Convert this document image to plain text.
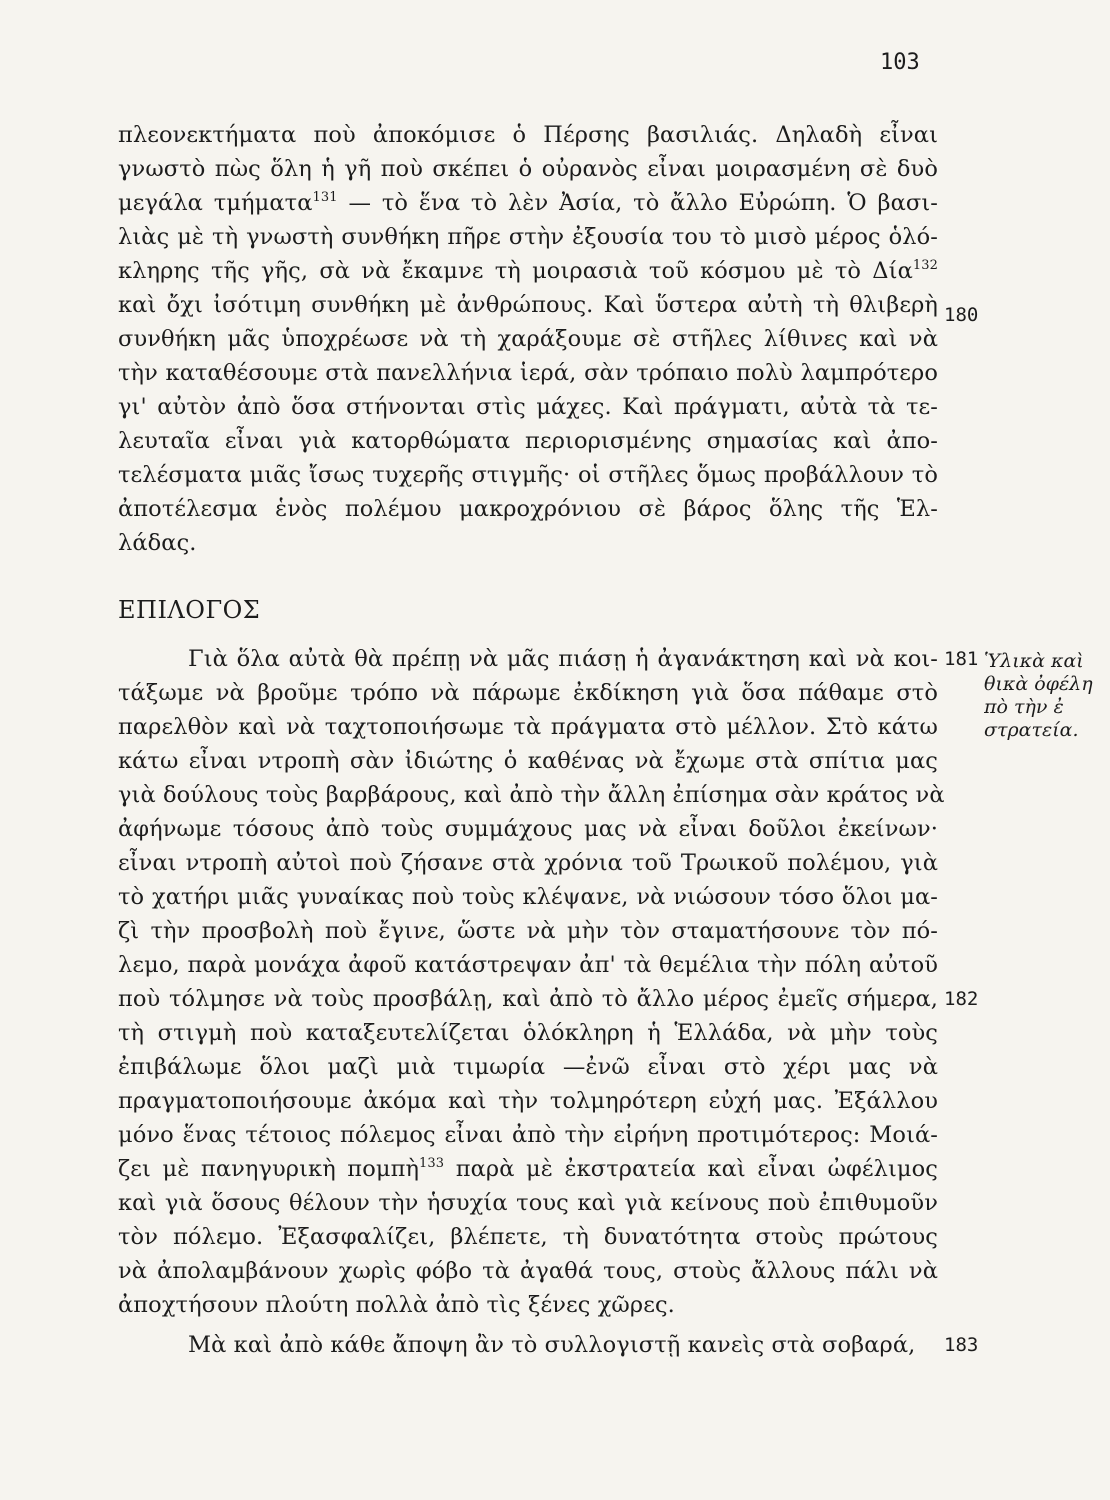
103
πλεονεκτήματα ποὺ ἀποκόμισε ὁ Πέρσης βασιλιάς. Δηλαδὴ εἶναι
γνωστὸ πὼς ὅλη ἡ γῆ ποὺ σκέπει ὁ οὐρανὸς εἶναι μοιρασμένη σὲ δυὸ
μεγάλα τμήματα$^{131}$ — τὸ ἕνα τὸ λὲν Ἀσία, τὸ ἄλλο Εὐρώπη. Ὁ βασι-
λιὰς μὲ τὴ γνωστὴ συνθήκη πῆρε στὴν ἐξουσία του τὸ μισὸ μέρος ὁλό-
κληρης τῆς γῆς, σὰ νὰ ἔκαμνε τὴ μοιρασιὰ τοῦ κόσμου μὲ τὸ Δία$^{132}$
καὶ ὄχι ἰσότιμη συνθήκη μὲ ἀνθρώπους. Καὶ ὕστερα αὐτὴ τὴ θλιβερὴ
συνθήκη μᾶς ὑποχρέωσε νὰ τὴ χαράξουμε σὲ στῆλες λίθινες καὶ νὰ
τὴν καταθέσουμε στὰ πανελλήνια ἱερά, σὰν τρόπαιο πολὺ λαμπρότερο
γι' αὐτὸν ἀπὸ ὅσα στήνονται στὶς μάχες. Καὶ πράγματι, αὐτὰ τὰ τε-
λευταῖα εἶναι γιὰ κατορθώματα περιορισμένης σημασίας καὶ ἀπο-
τελέσματα μιᾶς ἴσως τυχερῆς στιγμῆς· οἱ στῆλες ὅμως προβάλλουν τὸ
ἀποτέλεσμα ἑνὸς πολέμου μακροχρόνιου σὲ βάρος ὅλης τῆς Ἑλ-
λάδας.
180
ΕΠΙΛΟΓΟΣ
Γιὰ ὅλα αὐτὰ θὰ πρέπῃ νὰ μᾶς πιάσῃ ἡ ἀγανάκτηση καὶ νὰ κοι-
τάξωμε νὰ βροῦμε τρόπο νὰ πάρωμε ἐκδίκηση γιὰ ὅσα πάθαμε στὸ
παρελθὸν καὶ νὰ ταχτοποιήσωμε τὰ πράγματα στὸ μέλλον. Στὸ κάτω
κάτω εἶναι ντροπὴ σὰν ἰδιώτης ὁ καθένας νὰ ἔχωμε στὰ σπίτια μας
γιὰ δούλους τοὺς βαρβάρους, καὶ ἀπὸ τὴν ἄλλη ἐπίσημα σὰν κράτος νὰ
ἀφήνωμε τόσους ἀπὸ τοὺς συμμάχους μας νὰ εἶναι δοῦλοι ἐκείνων·
εἶναι ντροπὴ αὐτοὶ ποὺ ζήσανε στὰ χρόνια τοῦ Τρωικοῦ πολέμου, γιὰ
τὸ χατήρι μιᾶς γυναίκας ποὺ τοὺς κλέψανε, νὰ νιώσουν τόσο ὅλοι μα-
ζὶ τὴν προσβολὴ ποὺ ἔγινε, ὥστε νὰ μὴν τὸν σταματήσουνε τὸν πό-
λεμο, παρὰ μονάχα ἀφοῦ κατάστρεψαν ἀπ' τὰ θεμέλια τὴν πόλη αὐτοῦ
ποὺ τόλμησε νὰ τοὺς προσβάλῃ, καὶ ἀπὸ τὸ ἄλλο μέρος ἐμεῖς σήμερα,
τὴ στιγμὴ ποὺ καταξευτελίζεται ὁλόκληρη ἡ Ἑλλάδα, νὰ μὴν τοὺς
ἐπιβάλωμε ὅλοι μαζὶ μιὰ τιμωρία —ἐνῶ εἶναι στὸ χέρι μας νὰ
πραγματοποιήσουμε ἀκόμα καὶ τὴν τολμηρότερη εὐχή μας. Ἐξάλλου
μόνο ἕνας τέτοιος πόλεμος εἶναι ἀπὸ τὴν εἰρήνη προτιμότερος: Μοιά-
ζει μὲ πανηγυρικὴ πομπὴ$^{133}$ παρὰ μὲ ἐκστρατεία καὶ εἶναι ὠφέλιμος
καὶ γιὰ ὅσους θέλουν τὴν ἡσυχία τους καὶ γιὰ κείνους ποὺ ἐπιθυμοῦν
τὸν πόλεμο. Ἐξασφαλίζει, βλέπετε, τὴ δυνατότητα στοὺς πρώτους
νὰ ἀπολαμβάνουν χωρὶς φόβο τὰ ἀγαθά τους, στοὺς ἄλλους πάλι νὰ
ἀποχτήσουν πλούτη πολλὰ ἀπὸ τὶς ξένες χῶρες.
181
182
Μὰ καὶ ἀπὸ κάθε ἄποψη ἂν τὸ συλλογιστῇ κανεὶς στὰ σοβαρά,	183
Ὑλικὰ καὶ
θικὰ ὀφέλη
πὸ τὴν ἐ
στρατεία.
